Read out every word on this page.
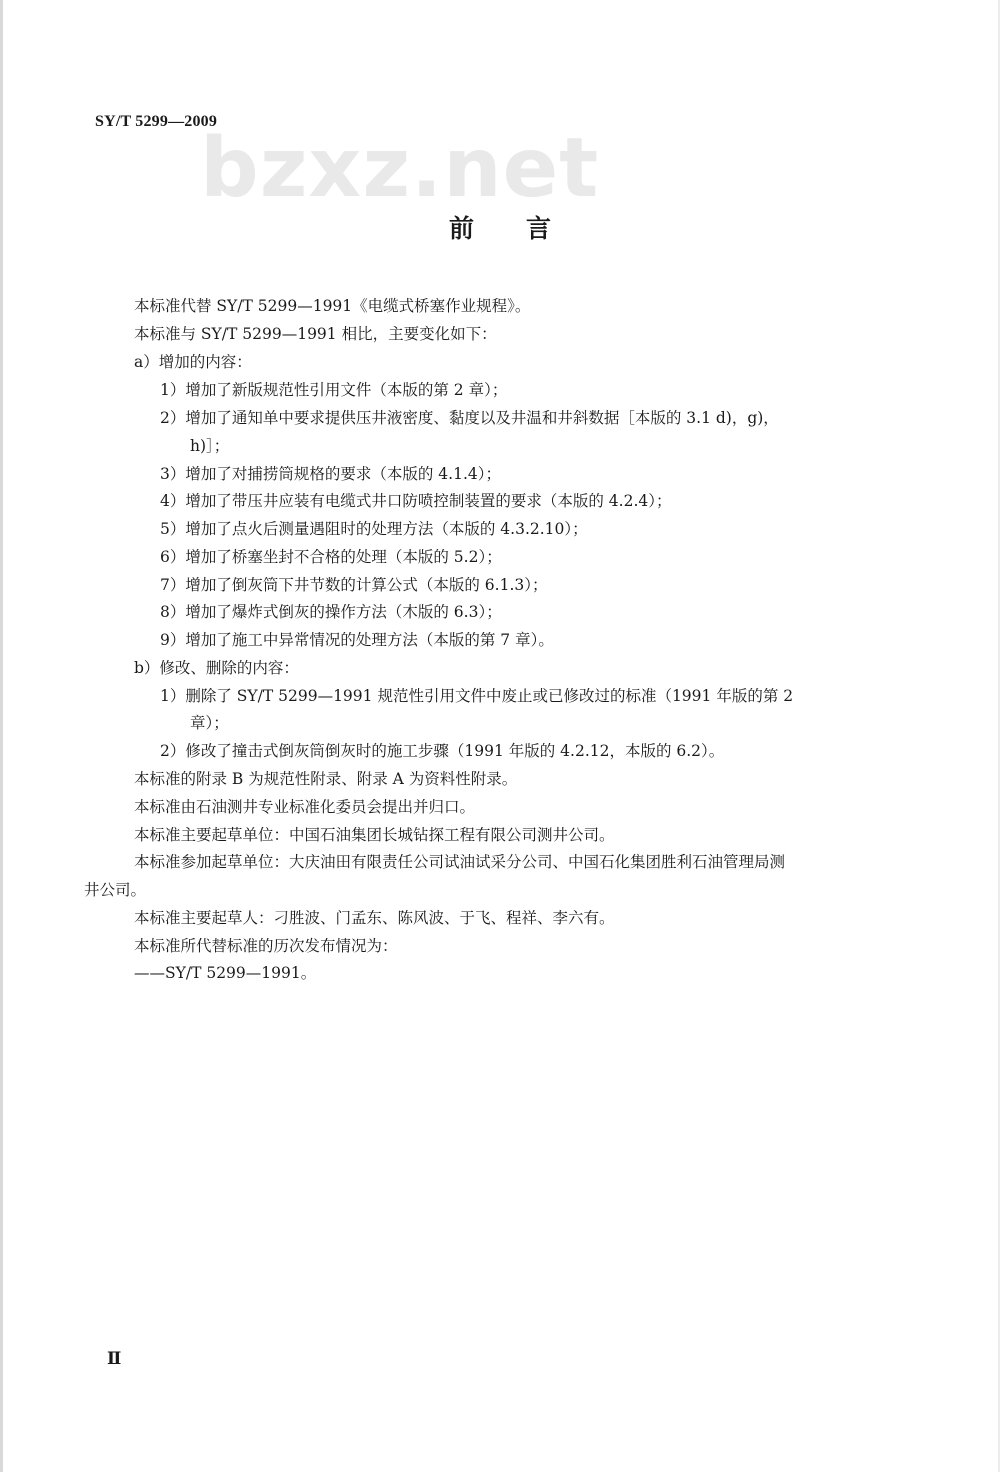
SY/T 5299—2009
bzxz.net
前言
本标准代替 SY/T 5299—1991《电缆式桥塞作业规程》。
本标准与 SY/T 5299—1991 相比，主要变化如下：
a）增加的内容：
1）增加了新版规范性引用文件（本版的第 2 章）；
2）增加了通知单中要求提供压井液密度、黏度以及井温和井斜数据［本版的 3.1 d)，g)，
h)］；
3）增加了对捕捞筒规格的要求（本版的 4.1.4）；
4）增加了带压井应装有电缆式井口防喷控制装置的要求（本版的 4.2.4）；
5）增加了点火后测量遇阻时的处理方法（本版的 4.3.2.10）；
6）增加了桥塞坐封不合格的处理（本版的 5.2）；
7）增加了倒灰筒下井节数的计算公式（本版的 6.1.3）；
8）增加了爆炸式倒灰的操作方法（木版的 6.3）；
9）增加了施工中异常情况的处理方法（本版的第 7 章）。
b）修改、删除的内容：
1）删除了 SY/T 5299—1991 规范性引用文件中废止或已修改过的标准（1991 年版的第 2
章）；
2）修改了撞击式倒灰筒倒灰时的施工步骤（1991 年版的 4.2.12，本版的 6.2）。
本标准的附录 B 为规范性附录、附录 A 为资料性附录。
本标准由石油测井专业标准化委员会提出并归口。
本标准主要起草单位：中国石油集团长城钻探工程有限公司测井公司。
本标准参加起草单位：大庆油田有限责任公司试油试采分公司、中国石化集团胜利石油管理局测
井公司。
本标准主要起草人：刁胜波、门孟东、陈风波、于飞、程祥、李六有。
本标准所代替标准的历次发布情况为：
——SY/T 5299—1991。
Ⅱ
